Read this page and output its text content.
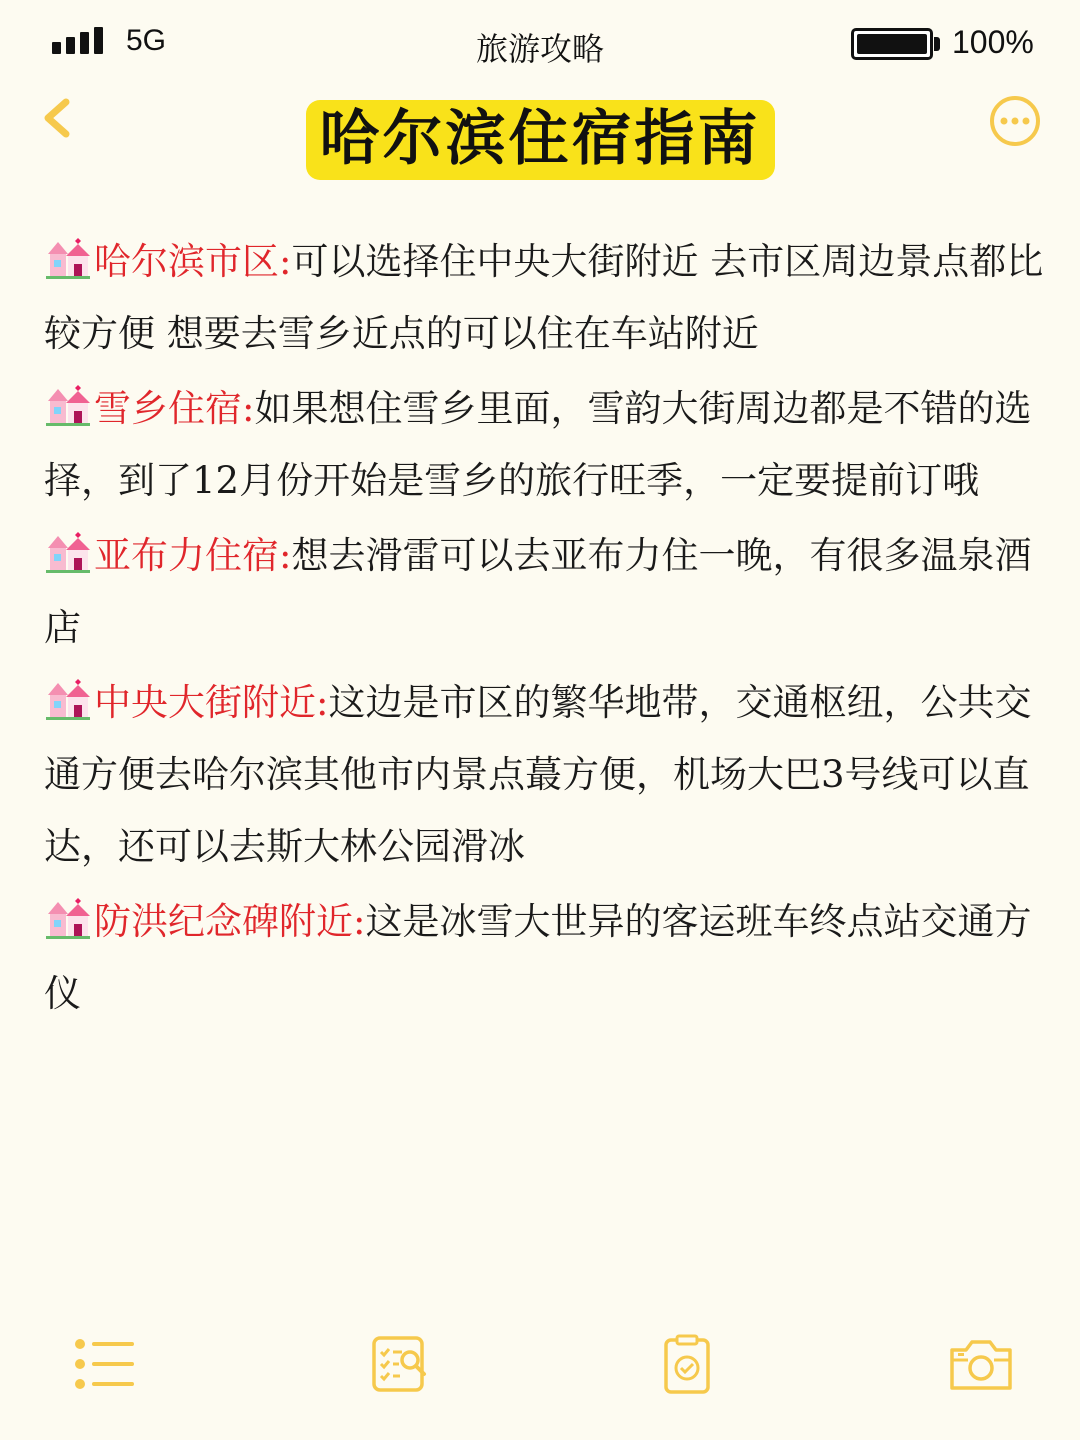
5G	旅游攻略	100%
哈尔滨住宿指南

哈尔滨市区:可以选择住中央大街附近 去市区周边景点都比较方便 想要去雪乡近点的可以住在车站附近

雪乡住宿:如果想住雪乡里面，雪韵大街周边都是不错的选择，到了12月份开始是雪乡的旅行旺季，一定要提前订哦

亚布力住宿:想去滑雷可以去亚布力住一晚，有很多温泉酒店

中央大街附近:这边是市区的繁华地带，交通枢纽，公共交通方便去哈尔滨其他市内景点蕞方便，机场大巴3号线可以直达，还可以去斯大林公园滑冰

防洪纪念碑附近:这是冰雪大世异的客运班车终点站交通方仪
